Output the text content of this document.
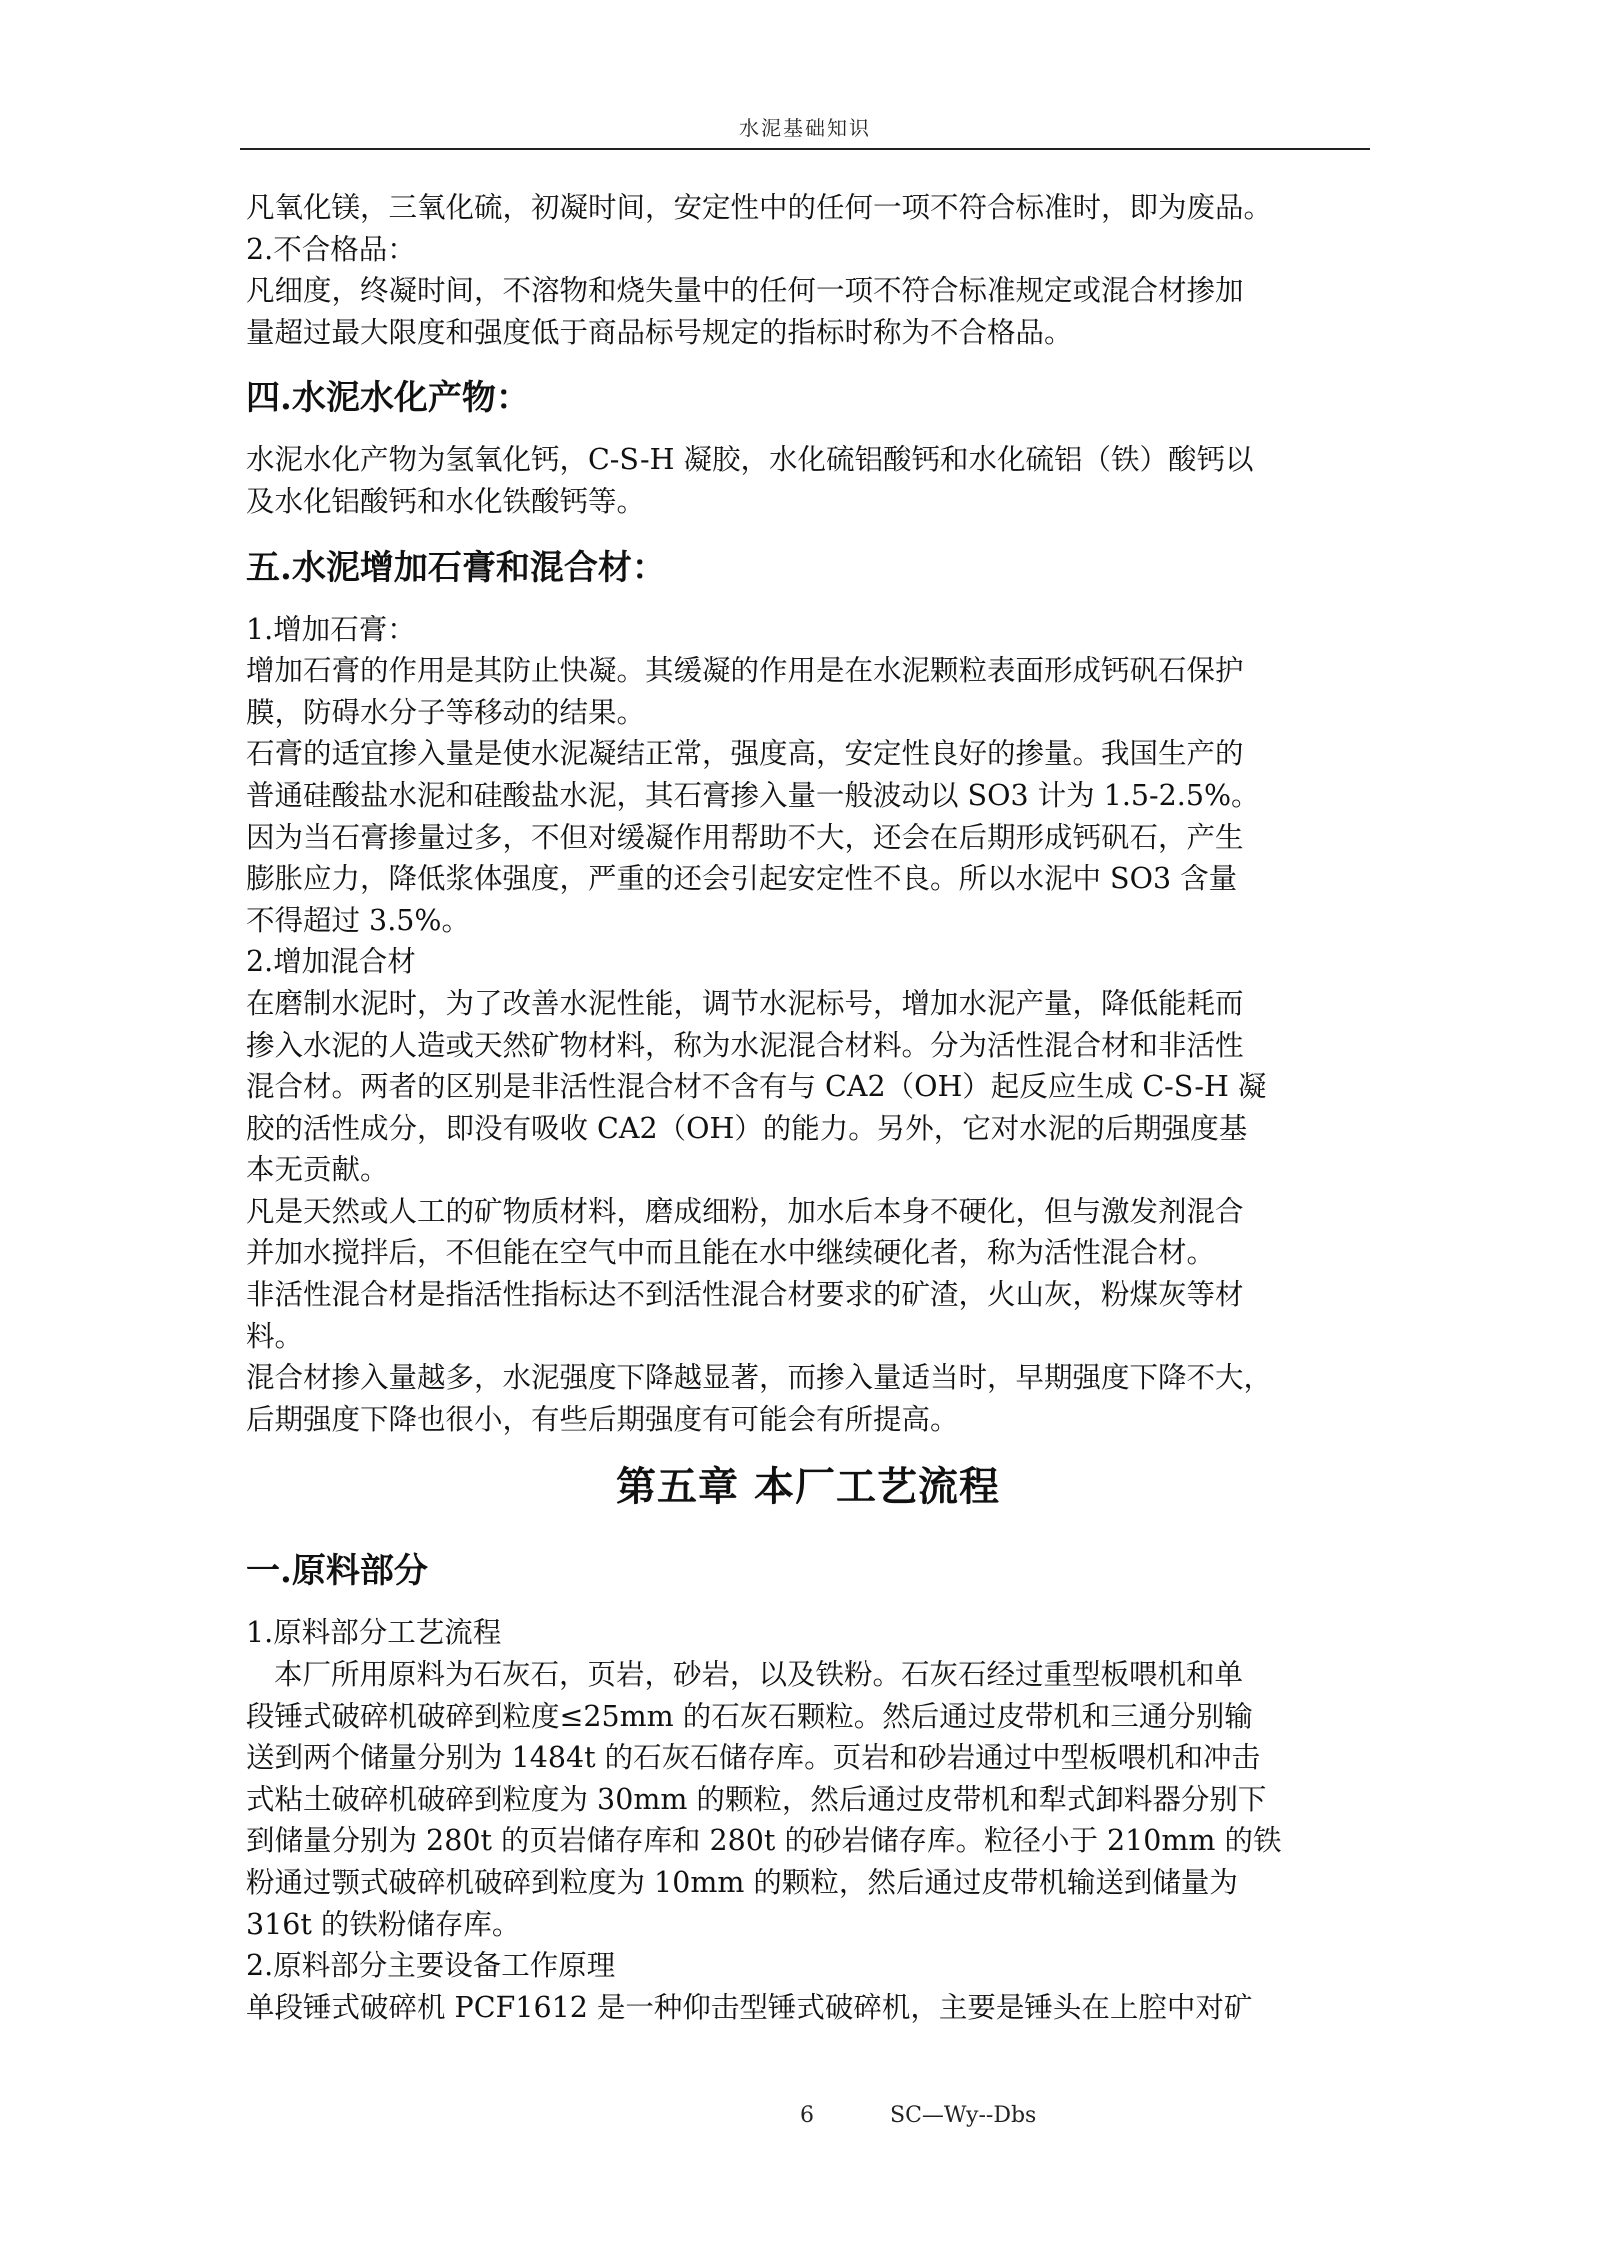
水泥基础知识
凡氧化镁，三氧化硫，初凝时间，安定性中的任何一项不符合标准时，即为废品。
2.不合格品：
凡细度，终凝时间，不溶物和烧失量中的任何一项不符合标准规定或混合材掺加
量超过最大限度和强度低于商品标号规定的指标时称为不合格品。
四.水泥水化产物：
水泥水化产物为氢氧化钙，C-S-H 凝胶，水化硫铝酸钙和水化硫铝（铁）酸钙以
及水化铝酸钙和水化铁酸钙等。
五.水泥增加石膏和混合材：
1.增加石膏：
增加石膏的作用是其防止快凝。其缓凝的作用是在水泥颗粒表面形成钙矾石保护
膜，防碍水分子等移动的结果。
石膏的适宜掺入量是使水泥凝结正常，强度高，安定性良好的掺量。我国生产的
普通硅酸盐水泥和硅酸盐水泥，其石膏掺入量一般波动以 SO3 计为 1.5-2.5%。
因为当石膏掺量过多，不但对缓凝作用帮助不大，还会在后期形成钙矾石，产生
膨胀应力，降低浆体强度，严重的还会引起安定性不良。所以水泥中 SO3 含量
不得超过 3.5%。
2.增加混合材
在磨制水泥时，为了改善水泥性能，调节水泥标号，增加水泥产量，降低能耗而
掺入水泥的人造或天然矿物材料，称为水泥混合材料。分为活性混合材和非活性
混合材。两者的区别是非活性混合材不含有与 CA2（OH）起反应生成 C-S-H 凝
胶的活性成分，即没有吸收 CA2（OH）的能力。另外，它对水泥的后期强度基
本无贡献。
凡是天然或人工的矿物质材料，磨成细粉，加水后本身不硬化，但与激发剂混合
并加水搅拌后，不但能在空气中而且能在水中继续硬化者，称为活性混合材。
非活性混合材是指活性指标达不到活性混合材要求的矿渣，火山灰，粉煤灰等材
料。
混合材掺入量越多，水泥强度下降越显著，而掺入量适当时，早期强度下降不大，
后期强度下降也很小，有些后期强度有可能会有所提高。
第五章 本厂工艺流程
一.原料部分
1.原料部分工艺流程
本厂所用原料为石灰石，页岩，砂岩，以及铁粉。石灰石经过重型板喂机和单
段锤式破碎机破碎到粒度≤25mm 的石灰石颗粒。然后通过皮带机和三通分别输
送到两个储量分别为 1484t 的石灰石储存库。页岩和砂岩通过中型板喂机和冲击
式粘土破碎机破碎到粒度为 30mm 的颗粒，然后通过皮带机和犁式卸料器分别下
到储量分别为 280t 的页岩储存库和 280t 的砂岩储存库。粒径小于 210mm 的铁
粉通过颚式破碎机破碎到粒度为 10mm 的颗粒，然后通过皮带机输送到储量为
316t 的铁粉储存库。
2.原料部分主要设备工作原理
单段锤式破碎机 PCF1612 是一种仰击型锤式破碎机，主要是锤头在上腔中对矿
6	SC—Wy--Dbs
